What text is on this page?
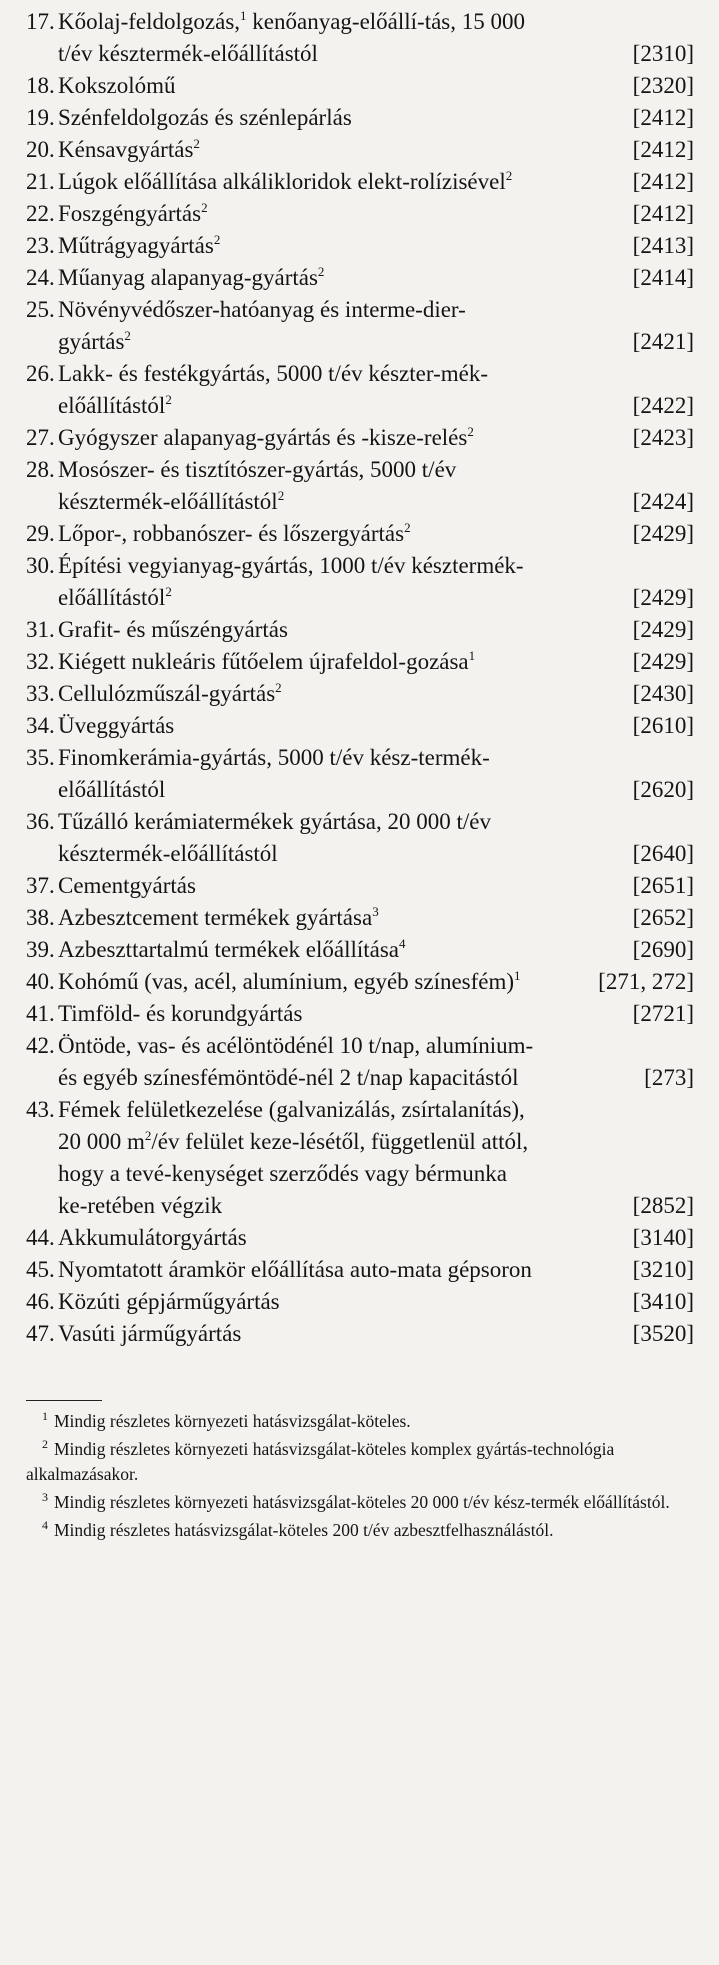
17. Kőolaj-feldolgozás,$^1$ kenőanyag-előállí-tás, 15 000 t/év késztermék-előállítástól	[2310]
18. Kokszolómű	[2320]
19. Szénfeldolgozás és szénlepárlás	[2412]
20. Kénsavgyártás$^2$	[2412]
21. Lúgok előállítása alkálikloridok elekt-rolízisével$^2$	[2412]
22. Foszgéngyártás$^2$	[2412]
23. Műtrágyagyártás$^2$	[2413]
24. Műanyag alapanyag-gyártás$^2$	[2414]
25. Növényvédőszer-hatóanyag és interme-dier-gyártás$^2$	[2421]
26. Lakk- és festékgyártás, 5000 t/év készter-mék-előállítástól$^2$	[2422]
27. Gyógyszer alapanyag-gyártás és -kisze-relés$^2$	[2423]
28. Mosószer- és tisztítószer-gyártás, 5000 t/év késztermék-előállítástól$^2$	[2424]
29. Lőpor-, robbanószer- és lőszergyártás$^2$	[2429]
30. Építési vegyianyag-gyártás, 1000 t/év késztermék-előállítástól$^2$	[2429]
31. Grafit- és műszéngyártás	[2429]
32. Kiégett nukleáris fűtőelem újrafeldol-gozása$^1$	[2429]
33. Cellulózműszál-gyártás$^2$	[2430]
34. Üveggyártás	[2610]
35. Finomkerámia-gyártás, 5000 t/év kész-termék-előállítástól	[2620]
36. Tűzálló kerámiatermékek gyártása, 20 000 t/év késztermék-előállítástól	[2640]
37. Cementgyártás	[2651]
38. Azbesztcement termékek gyártása$^3$	[2652]
39. Azbeszttartalmú termékek előállítása$^4$	[2690]
40. Kohómű (vas, acél, alumínium, egyéb színesfém)$^1$	[271, 272]
41. Timföld- és korundgyártás	[2721]
42. Öntöde, vas- és acélöntödénél 10 t/nap, alumínium- és egyéb színesfémöntödé-nél 2 t/nap kapacitástól	[273]
43. Fémek felületkezelése (galvanizálás, zsírtalanítás), 20 000 $m^2/év$ felület keze-lésétől, függetlenül attól, hogy a tevé-kenységet szerződés vagy bérmunka ke-retében végzik	[2852]
44. Akkumulátorgyártás	[3140]
45. Nyomtatott áramkör előállítása auto-mata gépsoron	[3210]
46. Közúti gépjárműgyártás	[3410]
47. Vasúti járműgyártás	[3520]
$^1$ Mindig részletes környezeti hatásvizsgálat-köteles.
$^2$ Mindig részletes környezeti hatásvizsgálat-köteles komplex gyártás-technológia alkalmazásakor.
$^3$ Mindig részletes környezeti hatásvizsgálat-köteles 20 000 t/év kész-termék előállítástól.
$^4$ Mindig részletes hatásvizsgálat-köteles 200 t/év azbesztfelhasználástól.
